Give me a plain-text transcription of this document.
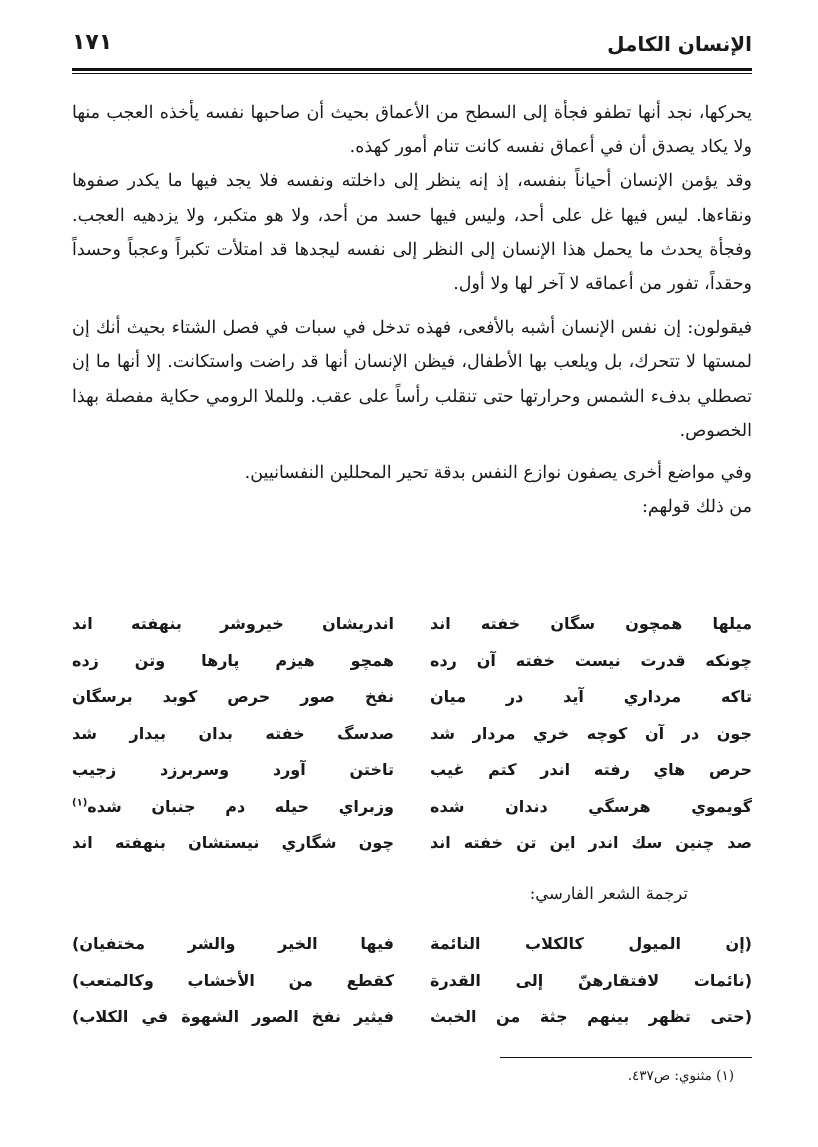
الإنسان الكامل
١٧١

يحركها، نجد أنها تطفو فجأة إلى السطح من الأعماق بحيث أن صاحبها نفسه يأخذه العجب منها ولا يكاد يصدق أن في أعماق نفسه كانت تنام أمور كهذه.

وقد يؤمن الإنسان أحياناً بنفسه، إذ إنه ينظر إلى داخلته ونفسه فلا يجد فيها ما يكدر صفوها ونقاءها. ليس فيها غل على أحد، وليس فيها حسد من أحد، ولا هو متكبر، ولا يزدهيه العجب. وفجأة يحدث ما يحمل هذا الإنسان إلى النظر إلى نفسه ليجدها قد امتلأت تكبراً وعجباً وحسداً وحقداً، تفور من أعماقه لا آخر لها ولا أول.

فيقولون: إن نفس الإنسان أشبه بالأفعى، فهذه تدخل في سبات في فصل الشتاء بحيث أنك إن لمستها لا تتحرك، بل ويلعب بها الأطفال، فيظن الإنسان أنها قد راضت واستكانت. إلا أنها ما إن تصطلي بدفء الشمس وحرارتها حتى تنقلب رأساً على عقب. وللملا الرومي حكاية مفصلة بهذا الخصوص.

وفي مواضع أخرى يصفون نوازع النفس بدقة تحير المحللين النفسانيين.

من ذلك قولهم:

ميلها همچون سگان خفته اند
اندريشان خيروشر بنهفته اند
چونکه قدرت نيست خفته آن رده
همچو هيزم پارها وتن زده
تاكه مرداري آيد در ميان
نفخ صور حرص كوبد برسگان
جون در آن كوچه خري مردار شد
صدسگ خفته بدان بيدار شد
حرص هاي رفته اندر كتم غيب
تاختن آورد وسربرزد زجيب
گويموي هرسگي دندان شده
وزبراي حيله دم جنبان شده$^{(١)}$
صد چنين سك اندر اين تن خفته اند
چون شگاري نيستشان بنهفته اند
ترجمة الشعر الفارسي:
(إن الميول كالكلاب النائمة
فيها الخير والشر مختفيان)
(نائمات لافتقارهنّ إلى القدرة
كقطع من الأخشاب وكالمتعب)
(حتى تظهر بينهم جثة من الخبث
فيثير نفخ الصور الشهوة في الكلاب)
(١) مثنوي: ص٤٣٧.
